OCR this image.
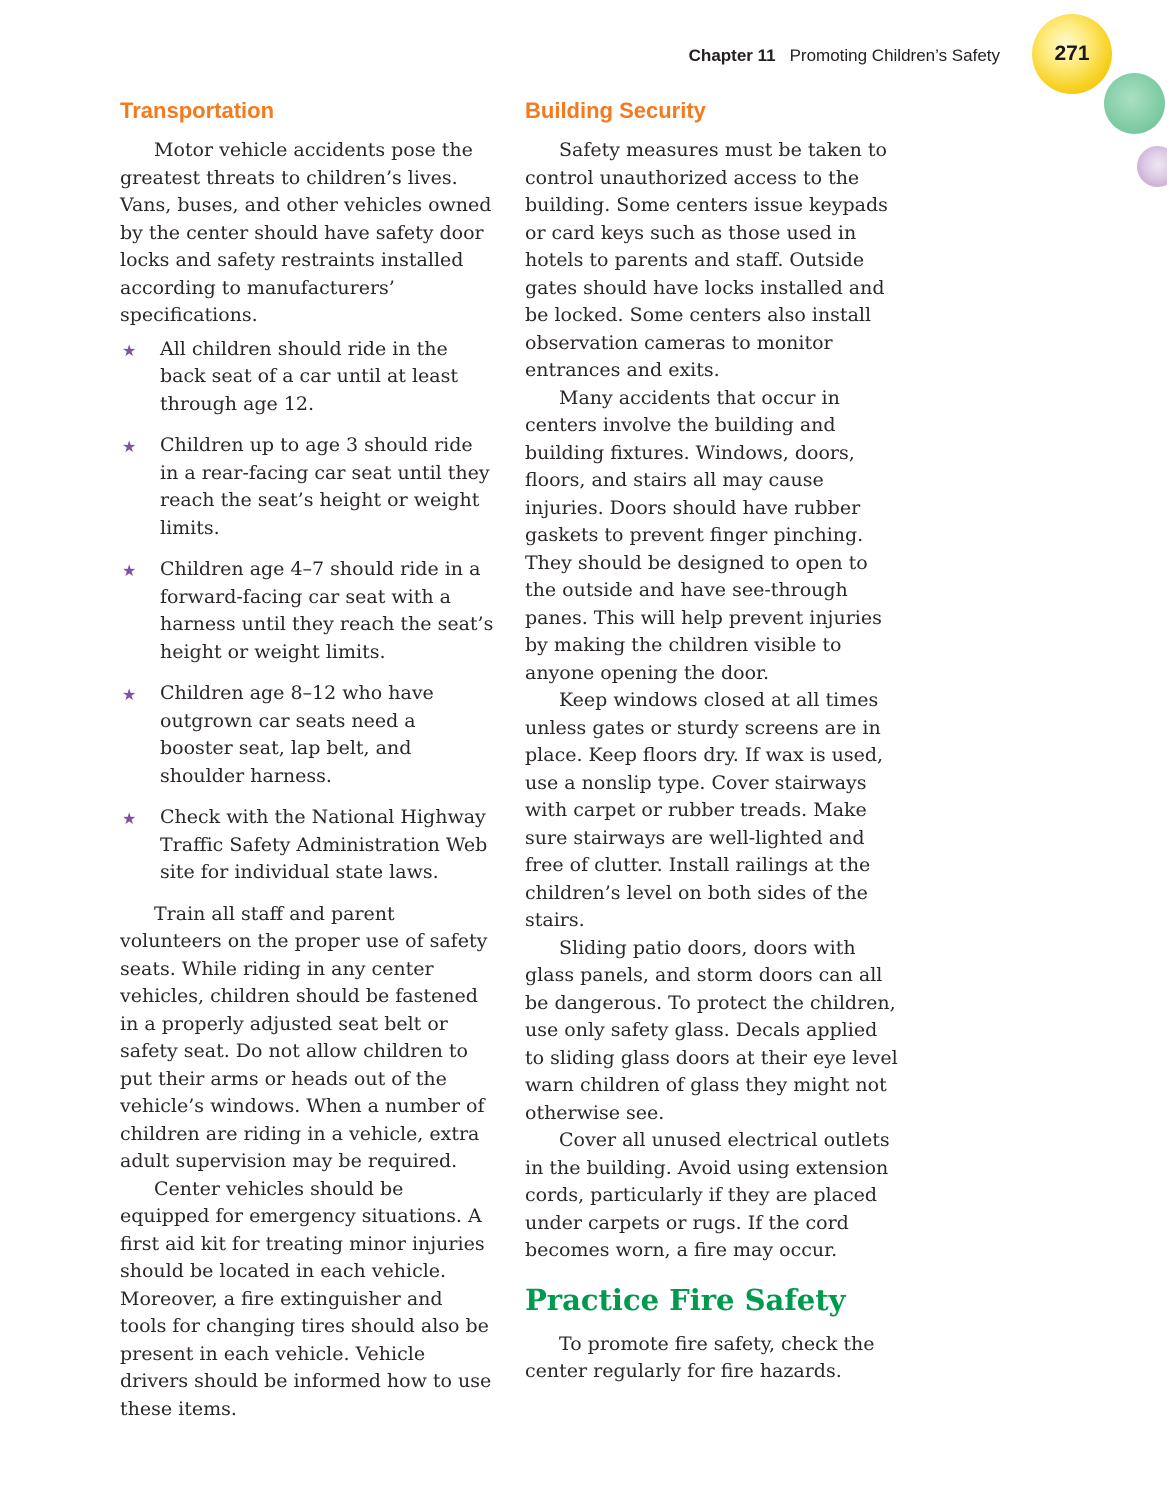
Chapter 11 Promoting Children’s Safety	271
Transportation

Motor vehicle accidents pose the greatest threats to children’s lives. Vans, buses, and other vehicles owned by the center should have safety door locks and safety restraints installed according to manufacturers’ specifications.

★ All children should ride in the back seat of a car until at least through age 12.
★ Children up to age 3 should ride in a rear-facing car seat until they reach the seat’s height or weight limits.
★ Children age 4–7 should ride in a forward-facing car seat with a harness until they reach the seat’s height or weight limits.
★ Children age 8–12 who have outgrown car seats need a booster seat, lap belt, and shoulder harness.
★ Check with the National Highway Traffic Safety Administration Web site for individual state laws.

Train all staff and parent volunteers on the proper use of safety seats. While riding in any center vehicles, children should be fastened in a properly adjusted seat belt or safety seat. Do not allow children to put their arms or heads out of the vehicle’s windows. When a number of children are riding in a vehicle, extra adult supervision may be required.

Center vehicles should be equipped for emergency situations. A first aid kit for treating minor injuries should be located in each vehicle. Moreover, a fire extinguisher and tools for changing tires should also be present in each vehicle. Vehicle drivers should be informed how to use these items.

Building Security

Safety measures must be taken to control unauthorized access to the building. Some centers issue keypads or card keys such as those used in hotels to parents and staff. Outside gates should have locks installed and be locked. Some centers also install observation cameras to monitor entrances and exits.

Many accidents that occur in centers involve the building and building fixtures. Windows, doors, floors, and stairs all may cause injuries. Doors should have rubber gaskets to prevent finger pinching. They should be designed to open to the outside and have see-through panes. This will help prevent injuries by making the children visible to anyone opening the door.

Keep windows closed at all times unless gates or sturdy screens are in place. Keep floors dry. If wax is used, use a nonslip type. Cover stairways with carpet or rubber treads. Make sure stairways are well-lighted and free of clutter. Install railings at the children’s level on both sides of the stairs.

Sliding patio doors, doors with glass panels, and storm doors can all be dangerous. To protect the children, use only safety glass. Decals applied to sliding glass doors at their eye level warn children of glass they might not otherwise see.

Cover all unused electrical outlets in the building. Avoid using extension cords, particularly if they are placed under carpets or rugs. If the cord becomes worn, a fire may occur.

Practice Fire Safety

To promote fire safety, check the center regularly for fire hazards.
